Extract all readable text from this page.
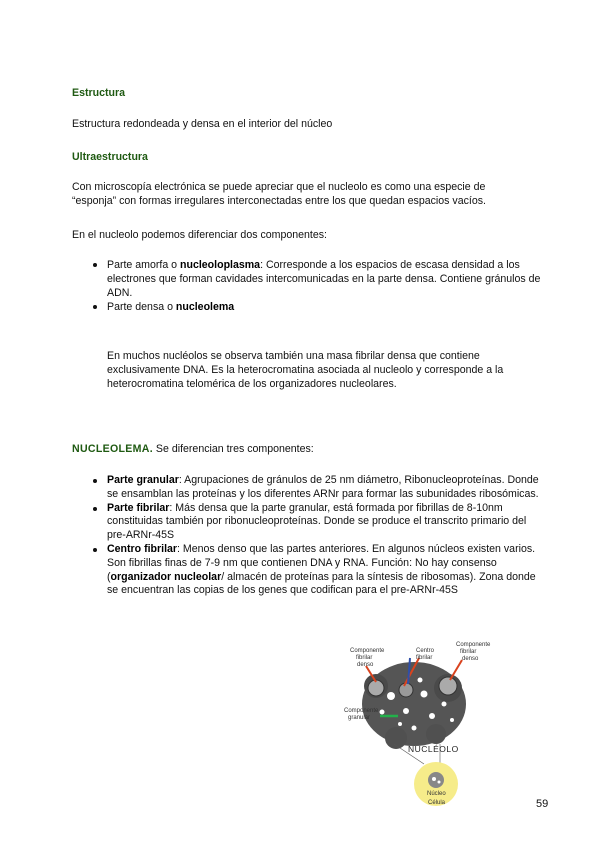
Estructura
Estructura redondeada y densa en el interior del núcleo
Ultraestructura
Con microscopía electrónica se puede apreciar que el nucleolo es como una especie de “esponja” con formas irregulares interconectadas entre los que quedan espacios vacíos.
En el nucleolo podemos diferenciar dos componentes:
Parte amorfa o nucleoloplasma: Corresponde a los espacios de escasa densidad a los electrones que forman cavidades intercomunicadas en la parte densa. Contiene gránulos de ADN.
Parte densa o nucleolema
En muchos nucléolos se observa también una masa fibrilar densa que contiene exclusivamente DNA. Es la heterocromatina asociada al nucleolo y corresponde a la heterocromatina telomérica de los organizadores nucleolares.
NUCLEOLEMA. Se diferencian tres componentes:
Parte granular: Agrupaciones de gránulos de 25 nm diámetro, Ribonucleoproteínas. Donde se ensamblan las proteínas y los diferentes ARNr para formar las subunidades ribosómicas.
Parte fibrilar: Más densa que la parte granular, está formada por fibrillas de 8-10nm constituidas también por ribonucleoproteínas. Donde se produce el transcrito primario del pre-ARNr-45S
Centro fibrilar: Menos denso que las partes anteriores. En algunos núcleos existen varios. Son fibrillas finas de 7-9 nm que contienen DNA y RNA. Función: No hay consenso (organizador nucleolar/ almacén de proteínas para la síntesis de ribosomas). Zona donde se encuentran las copias de los genes que codifican para el pre-ARNr-45S
Componente
fibrilar
denso
Centro
fibrilar
Componente
fibrilar
denso
Componente
granular
NUCLÉOLO
Núcleo
Célula	59
